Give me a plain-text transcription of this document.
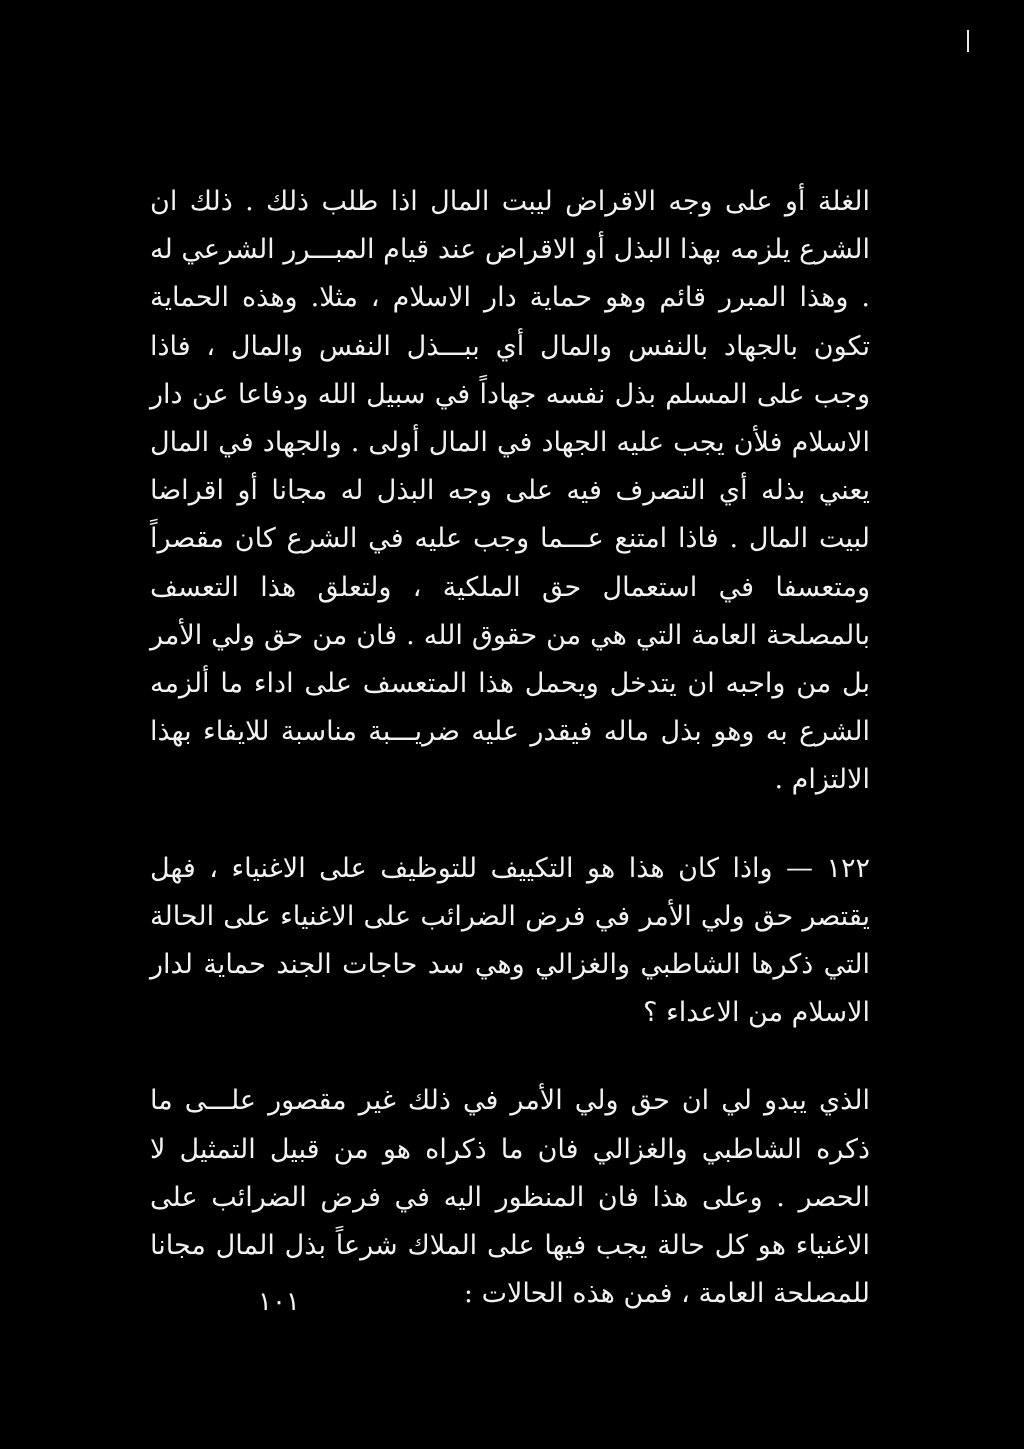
الغلة أو على وجه الاقراض ليبت المال اذا طلب ذلك . ذلك ان الشرع يلزمه بهذا البذل أو الاقراض عند قيام المبـــرر الشرعي له . وهذا المبرر قائم وهو حماية دار الاسلام ، مثلا. وهذه الحماية تكون بالجهاد بالنفس والمال أي ببـــذل النفس والمال ، فاذا وجب على المسلم بذل نفسه جهاداً في سبيل الله ودفاعا عن دار الاسلام فلأن يجب عليه الجهاد في المال أولى . والجهاد في المال يعني بذله أي التصرف فيه على وجه البذل له مجانا أو اقراضا لبيت المال . فاذا امتنع عـــما وجب عليه في الشرع كان مقصراً ومتعسفا في استعمال حق الملكية ، ولتعلق هذا التعسف بالمصلحة العامة التي هي من حقوق الله . فان من حق ولي الأمر بل من واجبه ان يتدخل ويحمل هذا المتعسف على اداء ما ألزمه الشرع به وهو بذل ماله فيقدر عليه ضريـــبة مناسبة للايفاء بهذا الالتزام .

١٢٢ — واذا كان هذا هو التكييف للتوظيف على الاغنياء ، فهل يقتصر حق ولي الأمر في فرض الضرائب على الاغنياء على الحالة التي ذكرها الشاطبي والغزالي وهي سد حاجات الجند حماية لدار الاسلام من الاعداء ؟

الذي يبدو لي ان حق ولي الأمر في ذلك غير مقصور علـــى ما ذكره الشاطبي والغزالي فان ما ذكراه هو من قبيل التمثيل لا الحصر . وعلى هذا فان المنظور اليه في فرض الضرائب على الاغنياء هو كل حالة يجب فيها على الملاك شرعاً بذل المال مجانا للمصلحة العامة ، فمن هذه الحالات :

١٠١
